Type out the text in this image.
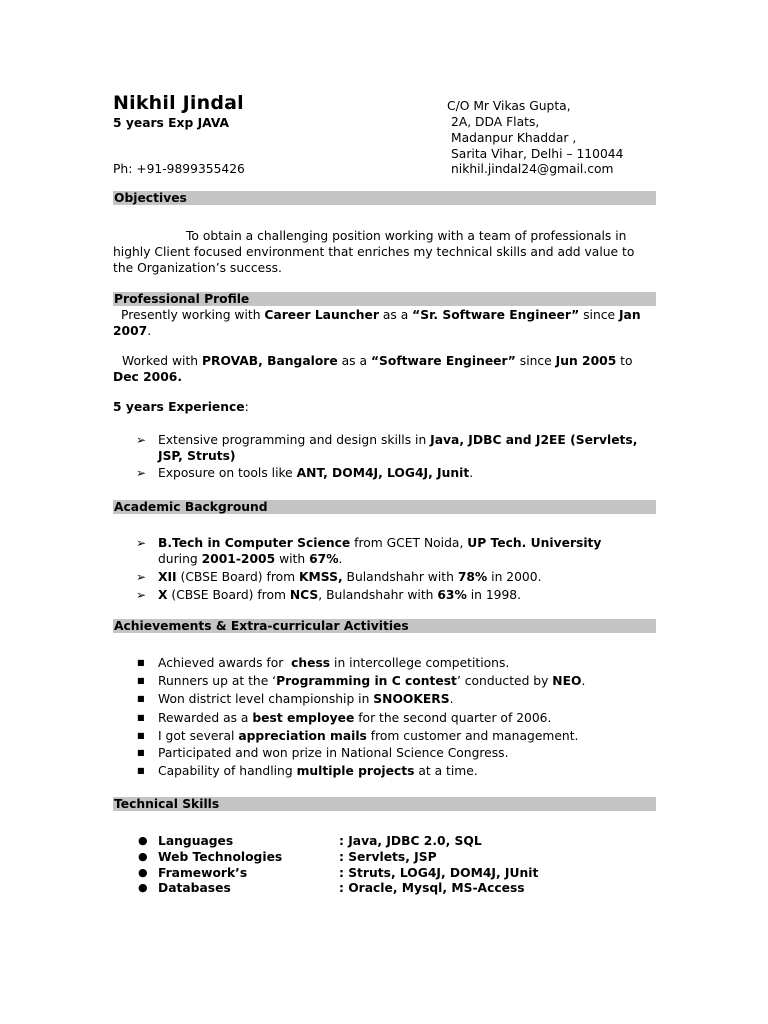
Nikhil Jindal
5 years Exp JAVA
Ph: +91-9899355426
C/O Mr Vikas Gupta,
2A, DDA Flats,
Madanpur Khaddar ,
Sarita Vihar, Delhi – 110044
nikhil.jindal24@gmail.com
Objectives
To obtain a challenging position working with a team of professionals in
highly Client focused environment that enriches my technical skills and add value to
the Organization’s success.
Professional Profile
Presently working with Career Launcher as a “Sr. Software Engineer” since Jan
2007.
Worked with PROVAB, Bangalore as a “Software Engineer” since Jun 2005 to
Dec 2006.
5 years Experience:
➢ Extensive programming and design skills in Java, JDBC and J2EE (Servlets,
JSP, Struts)
➢ Exposure on tools like ANT, DOM4J, LOG4J, Junit.
Academic Background
➢ B.Tech in Computer Science from GCET Noida, UP Tech. University
during 2001-2005 with 67%.
➢ XII (CBSE Board) from KMSS, Bulandshahr with 78% in 2000.
➢ X (CBSE Board) from NCS, Bulandshahr with 63% in 1998.
Achievements & Extra-curricular Activities
■ Achieved awards for  chess in intercollege competitions.
■ Runners up at the ‘Programming in C contest’ conducted by NEO.
■ Won district level championship in SNOOKERS.
■ Rewarded as a best employee for the second quarter of 2006.
■ I got several appreciation mails from customer and management.
■ Participated and won prize in National Science Congress.
■ Capability of handling multiple projects at a time.
Technical Skills
● Languages	: Java, JDBC 2.0, SQL
● Web Technologies	: Servlets, JSP
● Framework’s	: Struts, LOG4J, DOM4J, JUnit
● Databases	: Oracle, Mysql, MS-Access
